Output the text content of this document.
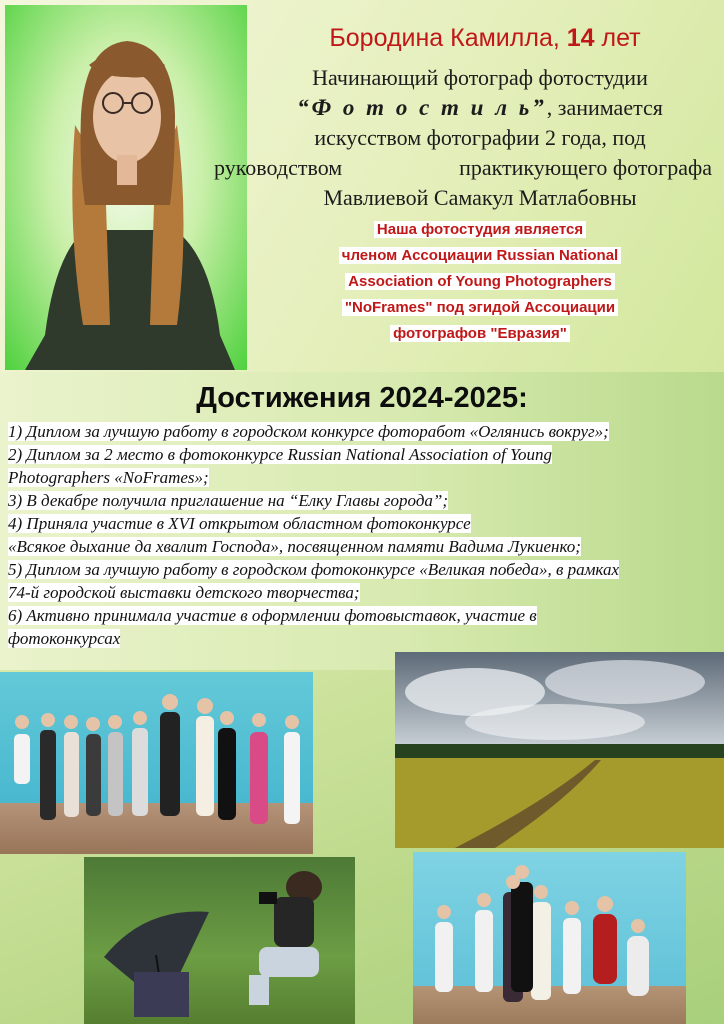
Бородина Камилла, 14 лет
Начинающий фотограф фотостудии
“Ф о т о с т и л ь”, занимается
искусством фотографии 2 года, под
руководством	практикующего фотографа
Мавлиевой Самакул Матлабовны
Наша фотостудия является
членом Ассоциации Russian National
Association of Young Photographers
"NoFrames" под эгидой Ассоциации
фотографов "Евразия"
Достижения 2024-2025:
1) Диплом за лучшую работу в городском конкурсе фоторабот «Оглянись вокруг»;
2) Диплом за 2 место в фотоконкурсе Russian National Association of Young
Photographers «NoFrames»;
3) В декабре получила приглашение на “Елку Главы города”;
4) Приняла участие в XVI открытом областном фотоконкурсе
«Всякое дыхание да хвалит Господа», посвященном памяти Вадима Лукиенко;
5) Диплом за лучшую работу в городском фотоконкурсе «Великая победа», в рамках
74-й городской выставки детского творчества;
6) Активно принимала участие в оформлении фотовыставок, участие в
фотоконкурсах
